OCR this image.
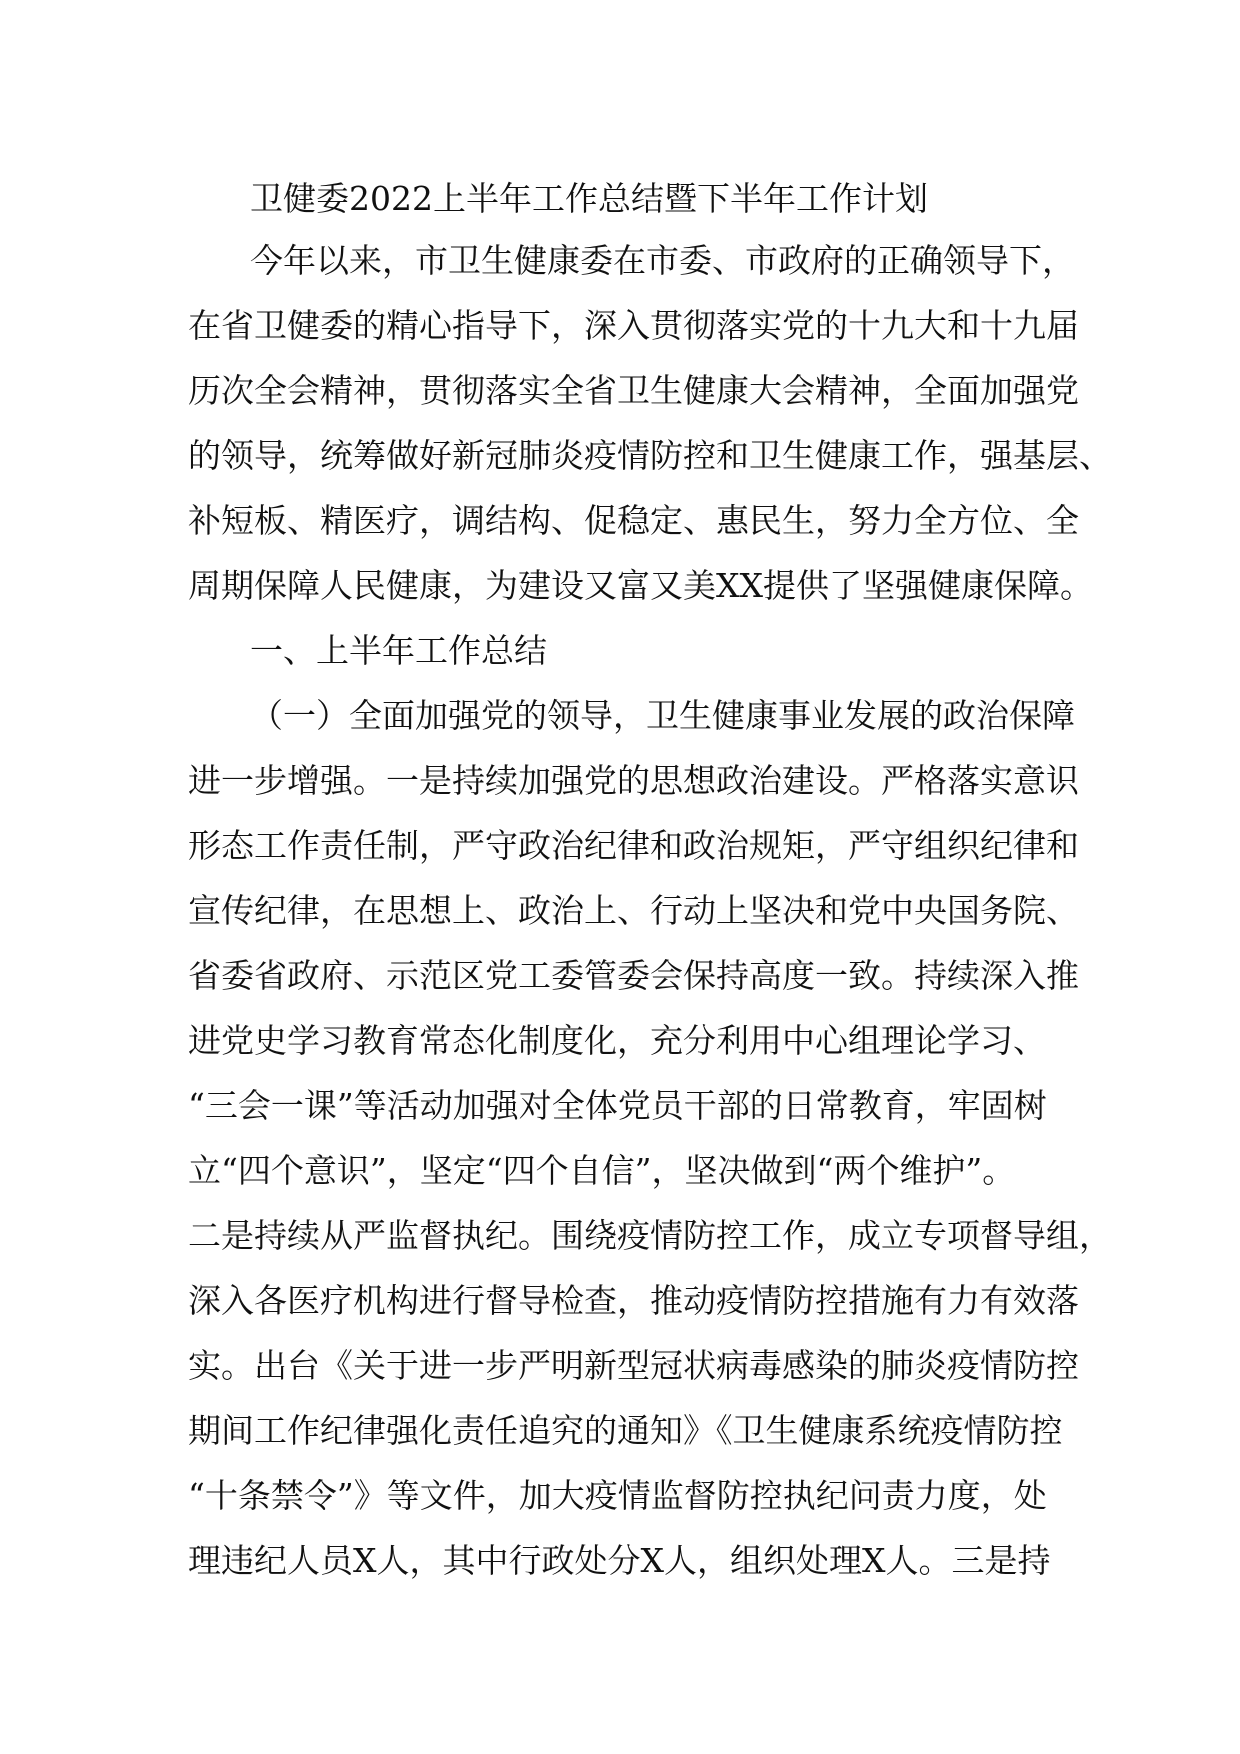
卫健委2022上半年工作总结暨下半年工作计划
今年以来，市卫生健康委在市委、市政府的正确领导下，
在省卫健委的精心指导下，深入贯彻落实党的十九大和十九届
历次全会精神，贯彻落实全省卫生健康大会精神，全面加强党
的领导，统筹做好新冠肺炎疫情防控和卫生健康工作，强基层、
补短板、精医疗，调结构、促稳定、惠民生，努力全方位、全
周期保障人民健康，为建设又富又美XX提供了坚强健康保障。
一、上半年工作总结
（一）全面加强党的领导，卫生健康事业发展的政治保障
进一步增强。一是持续加强党的思想政治建设。严格落实意识
形态工作责任制，严守政治纪律和政治规矩，严守组织纪律和
宣传纪律，在思想上、政治上、行动上坚决和党中央国务院、
省委省政府、示范区党工委管委会保持高度一致。持续深入推
进党史学习教育常态化制度化，充分利用中心组理论学习、
“三会一课”等活动加强对全体党员干部的日常教育，牢固树
立“四个意识”，坚定“四个自信”，坚决做到“两个维护”。
二是持续从严监督执纪。围绕疫情防控工作，成立专项督导组，
深入各医疗机构进行督导检查，推动疫情防控措施有力有效落
实。出台《关于进一步严明新型冠状病毒感染的肺炎疫情防控
期间工作纪律强化责任追究的通知》《卫生健康系统疫情防控
“十条禁令”》等文件，加大疫情监督防控执纪问责力度，处
理违纪人员X人，其中行政处分X人，组织处理X人。三是持
